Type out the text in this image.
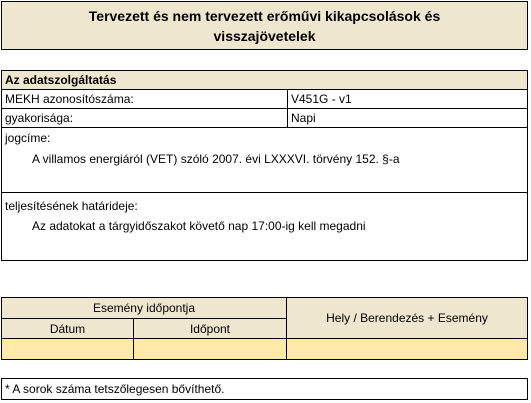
Tervezett és nem tervezett erőművi kikapcsolások és
visszajövetelek
Az adatszolgáltatás
MEKH azonosítószáma:	V451G - v1
gyakorisága:	Napi
jogcíme:
A villamos energiáról (VET) szóló 2007. évi LXXXVI. törvény 152. §-a
teljesítésének határideje:
Az adatokat a tárgyidőszakot követő nap 17:00-ig kell megadni
Esemény időpontja
Dátum	Időpont
Hely / Berendezés + Esemény
* A sorok száma tetszőlegesen bővíthető.
